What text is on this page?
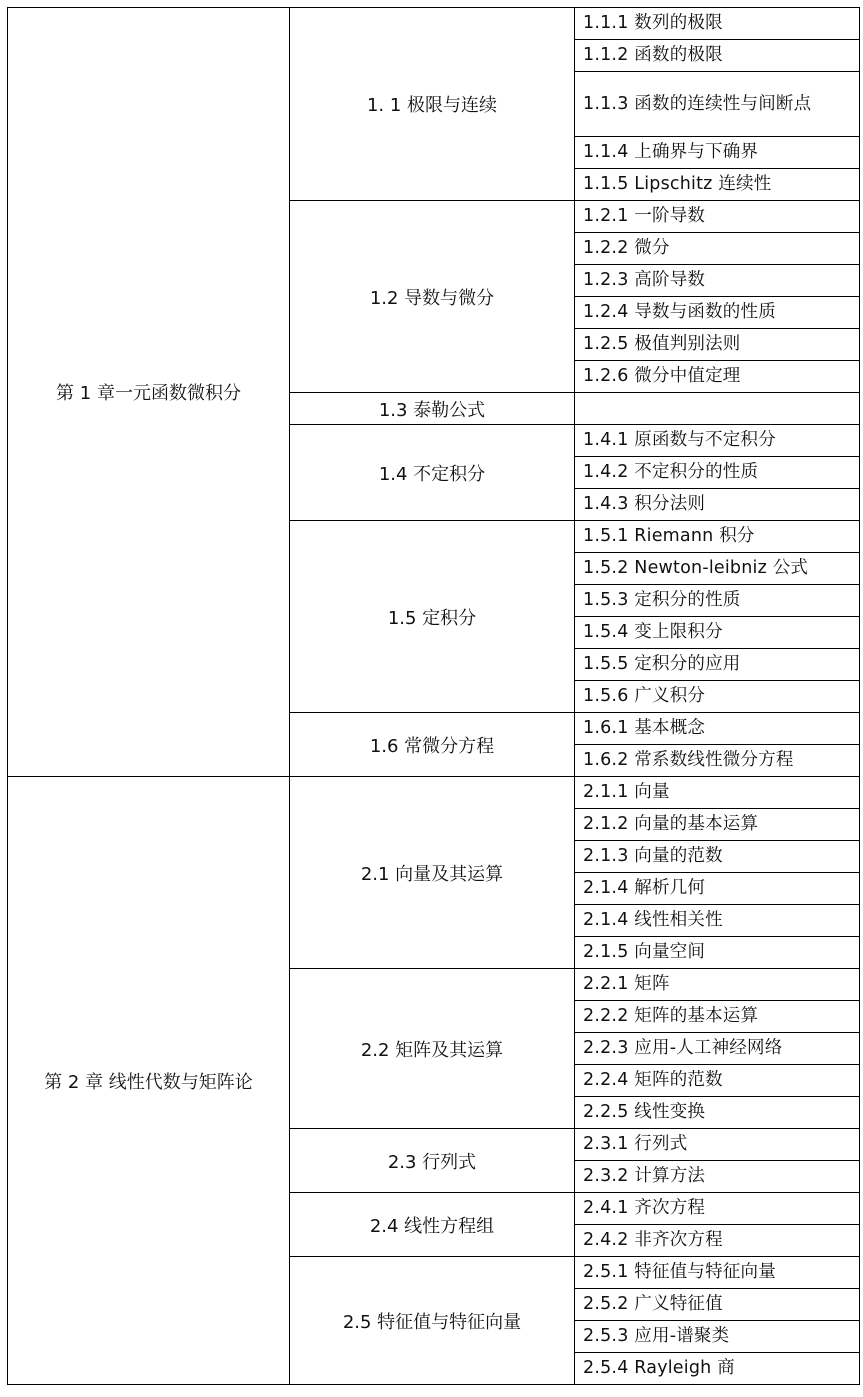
第 1 章一元函数微积分	1. 1 极限与连续	1.1.1 数列的极限
		1.1.2 函数的极限
		1.1.3 函数的连续性与间断点
		1.1.4 上确界与下确界
		1.1.5 Lipschitz 连续性
	1.2 导数与微分	1.2.1 一阶导数
		1.2.2 微分
		1.2.3 高阶导数
		1.2.4 导数与函数的性质
		1.2.5 极值判别法则
		1.2.6 微分中值定理
	1.3 泰勒公式	
	1.4 不定积分	1.4.1 原函数与不定积分
		1.4.2 不定积分的性质
		1.4.3 积分法则
	1.5 定积分	1.5.1 Riemann 积分
		1.5.2 Newton-leibniz 公式
		1.5.3 定积分的性质
		1.5.4 变上限积分
		1.5.5 定积分的应用
		1.5.6 广义积分
	1.6 常微分方程	1.6.1 基本概念
		1.6.2 常系数线性微分方程
第 2 章 线性代数与矩阵论	2.1 向量及其运算	2.1.1 向量
		2.1.2 向量的基本运算
		2.1.3 向量的范数
		2.1.4 解析几何
		2.1.4 线性相关性
		2.1.5 向量空间
	2.2 矩阵及其运算	2.2.1 矩阵
		2.2.2 矩阵的基本运算
		2.2.3 应用-人工神经网络
		2.2.4 矩阵的范数
		2.2.5 线性变换
	2.3 行列式	2.3.1 行列式
		2.3.2 计算方法
	2.4 线性方程组	2.4.1 齐次方程
		2.4.2 非齐次方程
	2.5 特征值与特征向量	2.5.1 特征值与特征向量
		2.5.2 广义特征值
		2.5.3 应用-谱聚类
		2.5.4 Rayleigh 商
